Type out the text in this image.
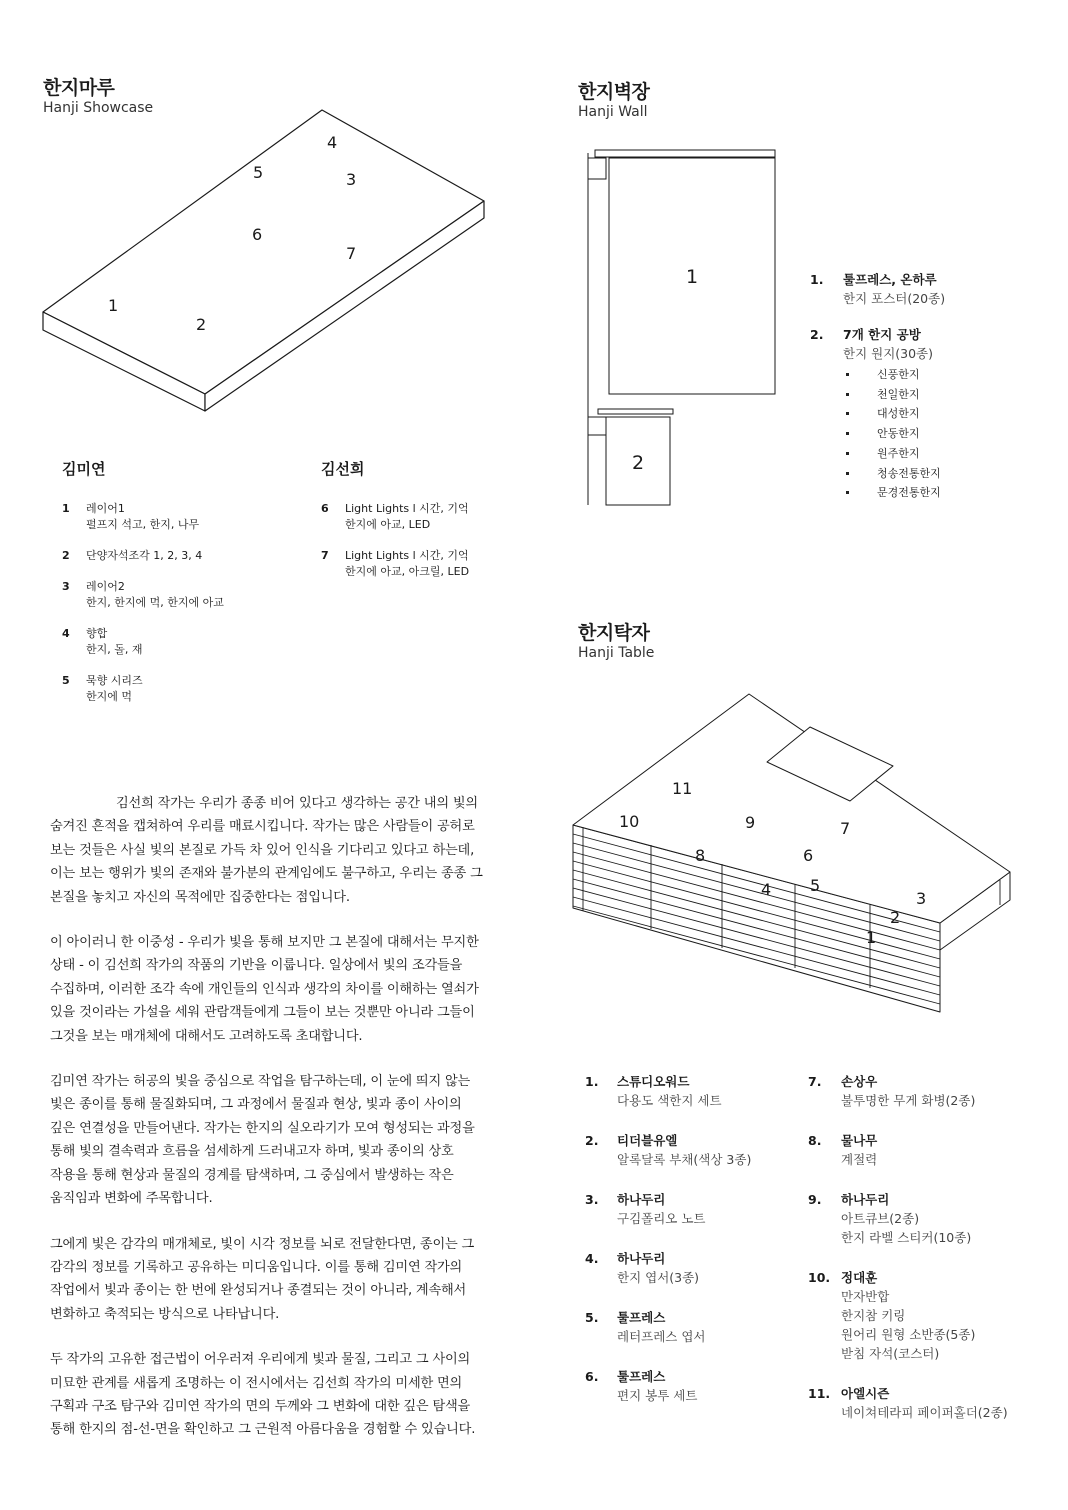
한지마루
Hanji Showcase
1
2
3
4
5
6
7
김미연
1	레이어1
펄프지 석고, 한지, 나무
2	단양자석조각 1, 2, 3, 4
3	레이어2
한지, 한지에 먹, 한지에 아교
4	향합
한지, 돌, 재
5	묵향 시리즈
한지에 먹
김선희
6	Light Lights l 시간, 기억
한지에 아교, LED
7	Light Lights l 시간, 기억
한지에 아교, 아크릴, LED

김선희 작가는 우리가 종종 비어 있다고 생각하는 공간 내의 빛의
숨겨진 흔적을 캡쳐하여 우리를 매료시킵니다. 작가는 많은 사람들이 공허로
보는 것들은 사실 빛의 본질로 가득 차 있어 인식을 기다리고 있다고 하는데,
이는 보는 행위가 빛의 존재와 불가분의 관계임에도 불구하고, 우리는 종종 그
본질을 놓치고 자신의 목적에만 집중한다는 점입니다.

이 아이러니 한 이중성 - 우리가 빛을 통해 보지만 그 본질에 대해서는 무지한
상태 - 이 김선희 작가의 작품의 기반을 이룹니다. 일상에서 빛의 조각들을
수집하며, 이러한 조각 속에 개인들의 인식과 생각의 차이를 이해하는 열쇠가
있을 것이라는 가설을 세워 관람객들에게 그들이 보는 것뿐만 아니라 그들이
그것을 보는 매개체에 대해서도 고려하도록 초대합니다.

김미연 작가는 허공의 빛을 중심으로 작업을 탐구하는데, 이 눈에 띄지 않는
빛은 종이를 통해 물질화되며, 그 과정에서 물질과 현상, 빛과 종이 사이의
깊은 연결성을 만들어낸다. 작가는 한지의 실오라기가 모여 형성되는 과정을
통해 빛의 결속력과 흐름을 섬세하게 드러내고자 하며, 빛과 종이의 상호
작용을 통해 현상과 물질의 경계를 탐색하며, 그 중심에서 발생하는 작은
움직임과 변화에 주목합니다.

그에게 빛은 감각의 매개체로, 빛이 시각 정보를 뇌로 전달한다면, 종이는 그
감각의 정보를 기록하고 공유하는 미디움입니다. 이를 통해 김미연 작가의
작업에서 빛과 종이는 한 번에 완성되거나 종결되는 것이 아니라, 계속해서
변화하고 축적되는 방식으로 나타납니다.

두 작가의 고유한 접근법이 어우러져 우리에게 빛과 물질, 그리고 그 사이의
미묘한 관계를 새롭게 조명하는 이 전시에서는 김선희 작가의 미세한 면의
구획과 구조 탐구와 김미연 작가의 면의 두께와 그 변화에 대한 깊은 탐색을
통해 한지의 점-선-면을 확인하고 그 근원적 아름다움을 경험할 수 있습니다.

한지벽장
Hanji Wall
1
2
1.	툴프레스, 온하루
한지 포스터(20종)
2.	7개 한지 공방
한지 원지(30종)
신풍한지
천일한지
대성한지
안동한지
원주한지
청송전통한지
문경전통한지
한지탁자
Hanji Table
1
2
3
4 5
6
7
8
9
10
11
1.	스튜디오워드
다용도 색한지 세트
2.	티더블유엘
알록달록 부채(색상 3종)
3.	하나두리
구김폴리오 노트
4.	하나두리
한지 엽서(3종)
5.	툴프레스
레터프레스 엽서
6.	툴프레스
편지 봉투 세트
7.	손상우
불투명한 무게 화병(2종)
8.	물나무
계절력
9.	하나두리
아트큐브(2종)
한지 라벨 스티커(10종)
10. 정대훈
만자반합
한지참 키링
원어리 원형 소반종(5종)
받침 자석(코스터)
11. 아엘시즌
네이쳐테라피 페이퍼홀더(2종)
